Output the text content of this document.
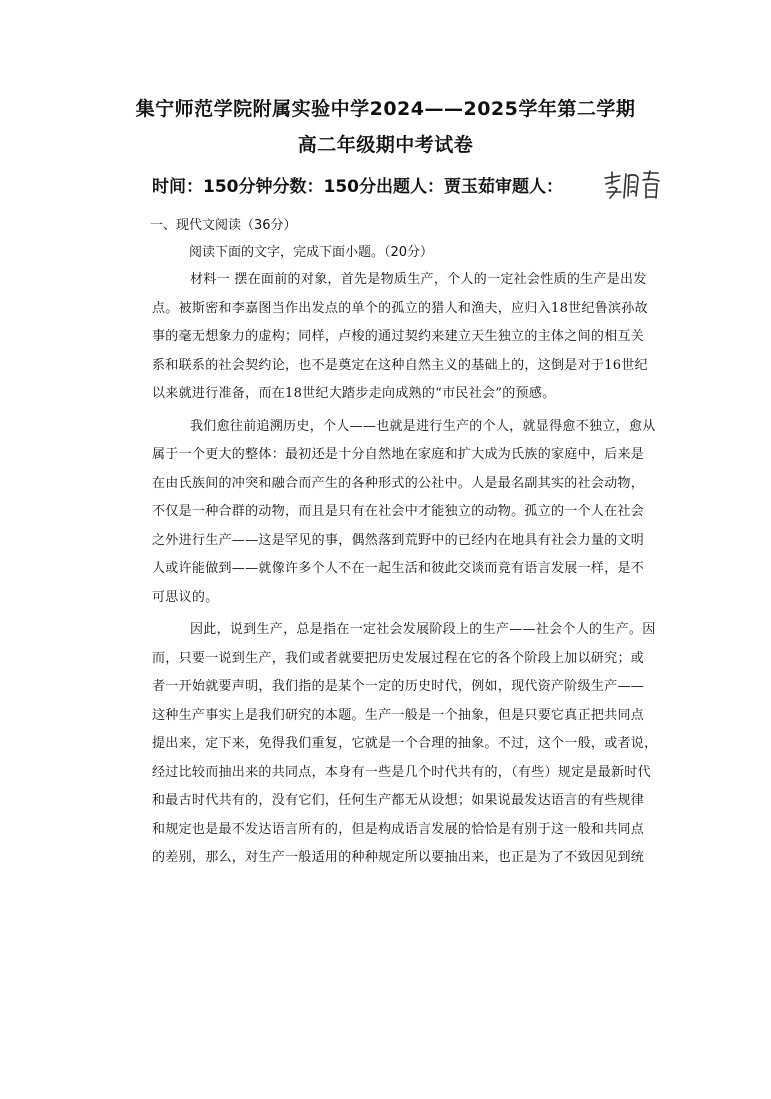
集宁师范学院附属实验中学2024——2025学年第二学期
高二年级期中考试卷
时间：150分钟分数：150分出题人：贾玉茹审题人：
一、现代文阅读（36分）
阅读下面的文字，完成下面小题。（20分）
材料一 摆在面前的对象，首先是物质生产，个人的一定社会性质的生产是出发
点。被斯密和李嘉图当作出发点的单个的孤立的猎人和渔夫，应归入18世纪鲁滨孙故
事的毫无想象力的虚构；同样，卢梭的通过契约来建立天生独立的主体之间的相互关
系和联系的社会契约论，也不是奠定在这种自然主义的基础上的，这倒是对于16世纪
以来就进行准备，而在18世纪大踏步走向成熟的“市民社会”的预感。
我们愈往前追溯历史，个人——也就是进行生产的个人，就显得愈不独立，愈从
属于一个更大的整体：最初还是十分自然地在家庭和扩大成为氏族的家庭中，后来是
在由氏族间的冲突和融合而产生的各种形式的公社中。人是最名副其实的社会动物，
不仅是一种合群的动物，而且是只有在社会中才能独立的动物。孤立的一个人在社会
之外进行生产——这是罕见的事，偶然落到荒野中的已经内在地具有社会力量的文明
人或许能做到——就像许多个人不在一起生活和彼此交谈而竟有语言发展一样，是不
可思议的。
因此，说到生产，总是指在一定社会发展阶段上的生产——社会个人的生产。因
而，只要一说到生产，我们或者就要把历史发展过程在它的各个阶段上加以研究；或
者一开始就要声明，我们指的是某个一定的历史时代，例如，现代资产阶级生产——
这种生产事实上是我们研究的本题。生产一般是一个抽象，但是只要它真正把共同点
提出来，定下来，免得我们重复，它就是一个合理的抽象。不过，这个一般，或者说，
经过比较而抽出来的共同点，本身有一些是几个时代共有的，（有些）规定是最新时代
和最古时代共有的，没有它们，任何生产都无从设想；如果说最发达语言的有些规律
和规定也是最不发达语言所有的，但是构成语言发展的恰恰是有别于这一般和共同点
的差别，那么，对生产一般适用的种种规定所以要抽出来，也正是为了不致因见到统
